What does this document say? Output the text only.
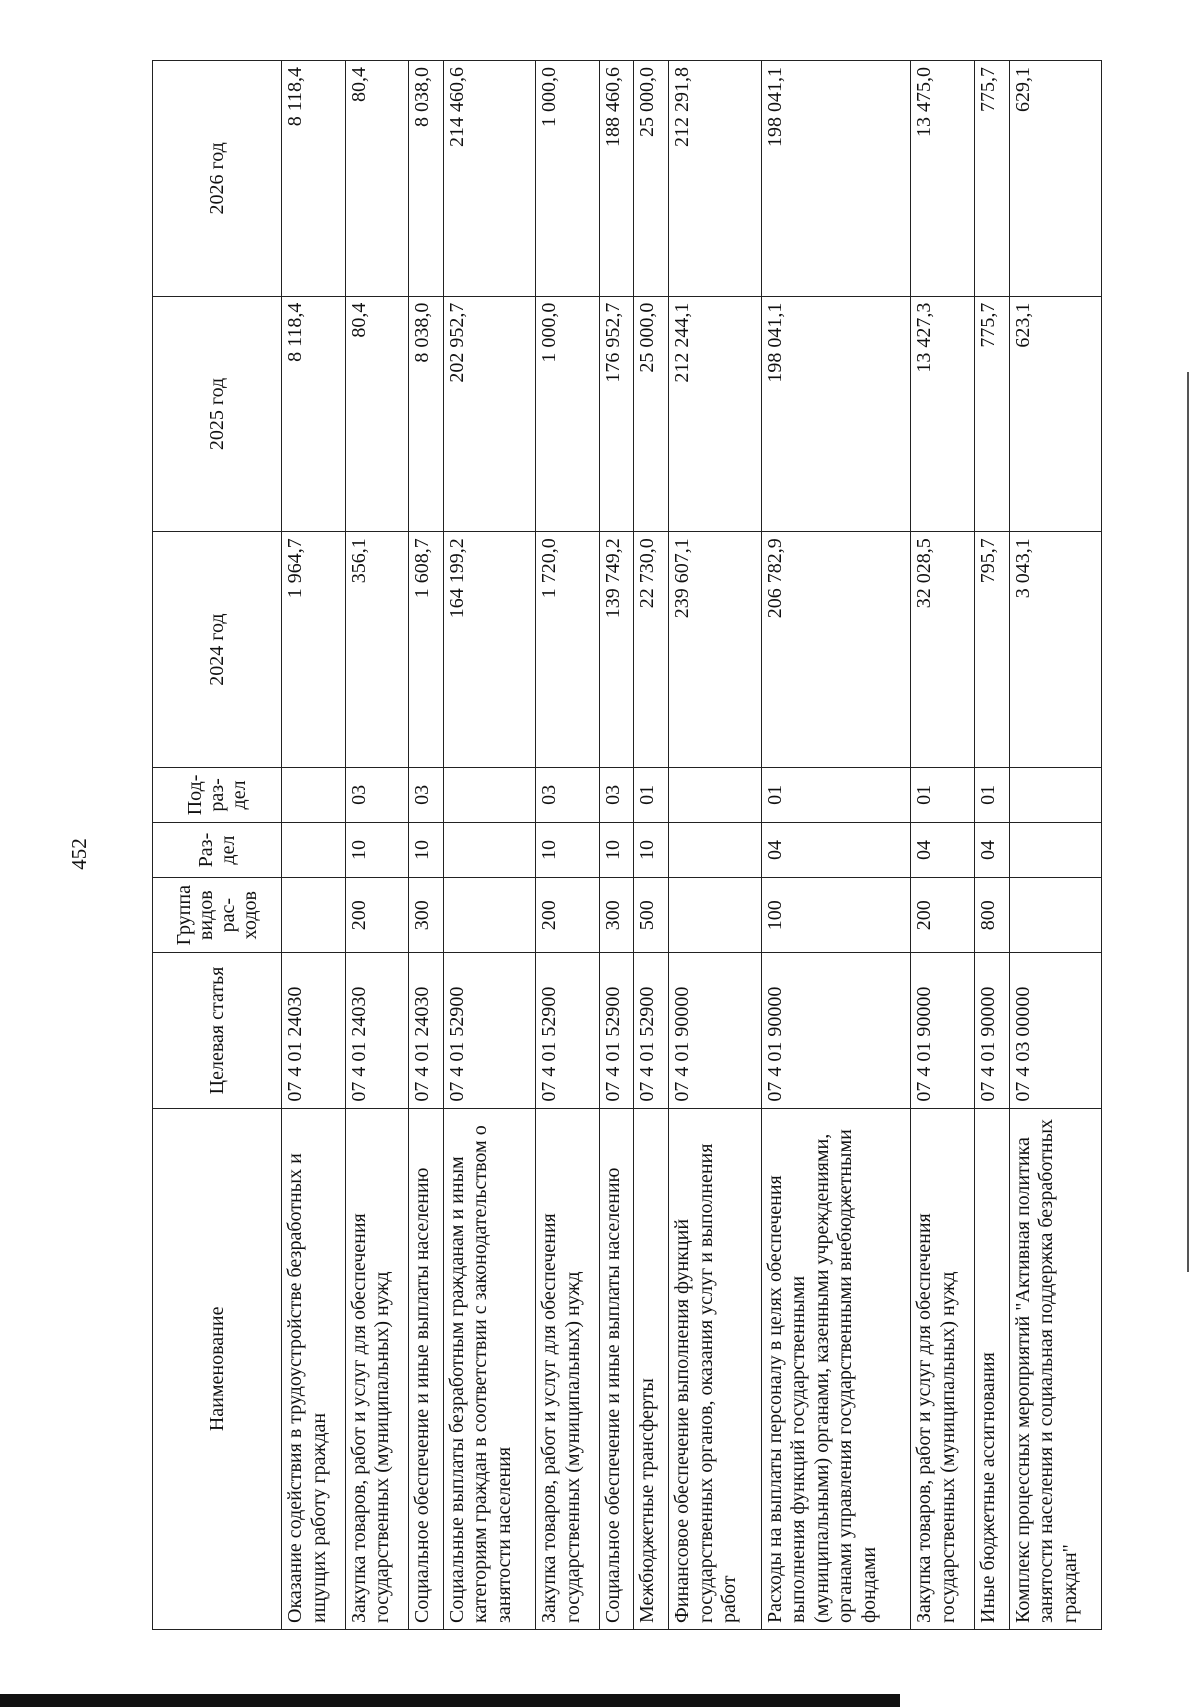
452
Наименование	Целевая статья	Группа видов рас-ходов	Раз-дел	Под-раз-дел	2024 год	2025 год	2026 год
Оказание содействия в трудоустройстве безработных и ищущих работу граждан	07 4 01 24030				1 964,7	8 118,4	8 118,4
Закупка товаров, работ и услуг для обеспечения государственных (муниципальных) нужд	07 4 01 24030	200	10	03	356,1	80,4	80,4
Социальное обеспечение и иные выплаты населению	07 4 01 24030	300	10	03	1 608,7	8 038,0	8 038,0
Социальные выплаты безработным гражданам и иным категориям граждан в соответствии с законодательством о занятости населения	07 4 01 52900				164 199,2	202 952,7	214 460,6
Закупка товаров, работ и услуг для обеспечения государственных (муниципальных) нужд	07 4 01 52900	200	10	03	1 720,0	1 000,0	1 000,0
Социальное обеспечение и иные выплаты населению	07 4 01 52900	300	10	03	139 749,2	176 952,7	188 460,6
Межбюджетные трансферты	07 4 01 52900	500	10	01	22 730,0	25 000,0	25 000,0
Финансовое обеспечение выполнения функций государственных органов, оказания услуг и выполнения работ	07 4 01 90000				239 607,1	212 244,1	212 291,8
Расходы на выплаты персоналу в целях обеспечения выполнения функций государственными (муниципальными) органами, казенными учреждениями, органами управления государственными внебюджетными фондами	07 4 01 90000	100	04	01	206 782,9	198 041,1	198 041,1
Закупка товаров, работ и услуг для обеспечения государственных (муниципальных) нужд	07 4 01 90000	200	04	01	32 028,5	13 427,3	13 475,0
Иные бюджетные ассигнования	07 4 01 90000	800	04	01	795,7	775,7	775,7
Комплекс процессных мероприятий "Активная политика занятости населения и социальная поддержка безработных граждан"	07 4 03 00000				3 043,1	623,1	629,1
